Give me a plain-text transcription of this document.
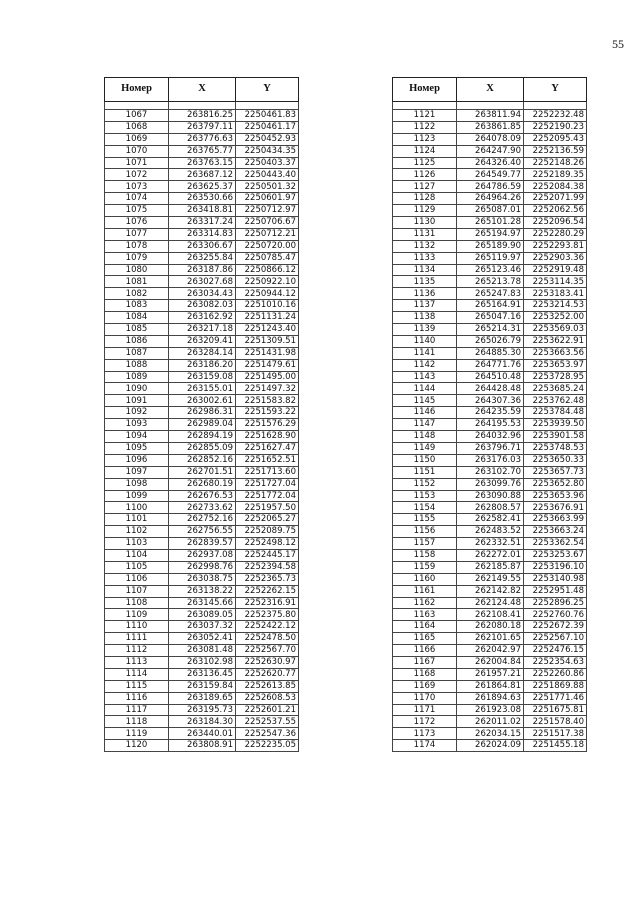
55
Номер	X	Y

1067	263816.25	2250461.83
1068	263797.11	2250461.17
1069	263776.63	2250452.93
1070	263765.77	2250434.35
1071	263763.15	2250403.37
1072	263687.12	2250443.40
1073	263625.37	2250501.32
1074	263530.66	2250601.97
1075	263418.81	2250712.97
1076	263317.24	2250706.67
1077	263314.83	2250712.21
1078	263306.67	2250720.00
1079	263255.84	2250785.47
1080	263187.86	2250866.12
1081	263027.68	2250922.10
1082	263034.43	2250944.12
1083	263082.03	2251010.16
1084	263162.92	2251131.24
1085	263217.18	2251243.40
1086	263209.41	2251309.51
1087	263284.14	2251431.98
1088	263186.20	2251479.61
1089	263159.08	2251495.00
1090	263155.01	2251497.32
1091	263002.61	2251583.82
1092	262986.31	2251593.22
1093	262989.04	2251576.29
1094	262894.19	2251628.90
1095	262855.09	2251627.47
1096	262852.16	2251652.51
1097	262701.51	2251713.60
1098	262680.19	2251727.04
1099	262676.53	2251772.04
1100	262733.62	2251957.50
1101	262752.16	2252065.27
1102	262756.55	2252089.75
1103	262839.57	2252498.12
1104	262937.08	2252445.17
1105	262998.76	2252394.58
1106	263038.75	2252365.73
1107	263138.22	2252262.15
1108	263145.66	2252316.91
1109	263089.05	2252375.80
1110	263037.32	2252422.12
1111	263052.41	2252478.50
1112	263081.48	2252567.70
1113	263102.98	2252630.97
1114	263136.45	2252620.77
1115	263159.84	2252613.85
1116	263189.65	2252608.53
1117	263195.73	2252601.21
1118	263184.30	2252537.55
1119	263440.01	2252547.36
1120	263808.91	2252235.05
Номер	X	Y

1121	263811.94	2252232.48
1122	263861.85	2252190.23
1123	264078.09	2252095.43
1124	264247.90	2252136.59
1125	264326.40	2252148.26
1126	264549.77	2252189.35
1127	264786.59	2252084.38
1128	264964.26	2252071.99
1129	265087.01	2252062.56
1130	265101.28	2252096.54
1131	265194.97	2252280.29
1132	265189.90	2252293.81
1133	265119.97	2252903.36
1134	265123.46	2252919.48
1135	265213.78	2253114.35
1136	265247.83	2253183.41
1137	265164.91	2253214.53
1138	265047.16	2253252.00
1139	265214.31	2253569.03
1140	265026.79	2253622.91
1141	264885.30	2253663.56
1142	264771.76	2253653.97
1143	264510.48	2253728.95
1144	264428.48	2253685.24
1145	264307.36	2253762.48
1146	264235.59	2253784.48
1147	264195.53	2253939.50
1148	264032.96	2253901.58
1149	263796.71	2253748.53
1150	263176.03	2253650.33
1151	263102.70	2253657.73
1152	263099.76	2253652.80
1153	263090.88	2253653.96
1154	262808.57	2253676.91
1155	262582.41	2253663.99
1156	262483.52	2253663.24
1157	262332.51	2253362.54
1158	262272.01	2253253.67
1159	262185.87	2253196.10
1160	262149.55	2253140.98
1161	262142.82	2252951.48
1162	262124.48	2252896.25
1163	262108.41	2252760.76
1164	262080.18	2252672.39
1165	262101.65	2252567.10
1166	262042.97	2252476.15
1167	262004.84	2252354.63
1168	261957.21	2252260.86
1169	261864.81	2251869.88
1170	261894.63	2251771.46
1171	261923.08	2251675.81
1172	262011.02	2251578.40
1173	262034.15	2251517.38
1174	262024.09	2251455.18
